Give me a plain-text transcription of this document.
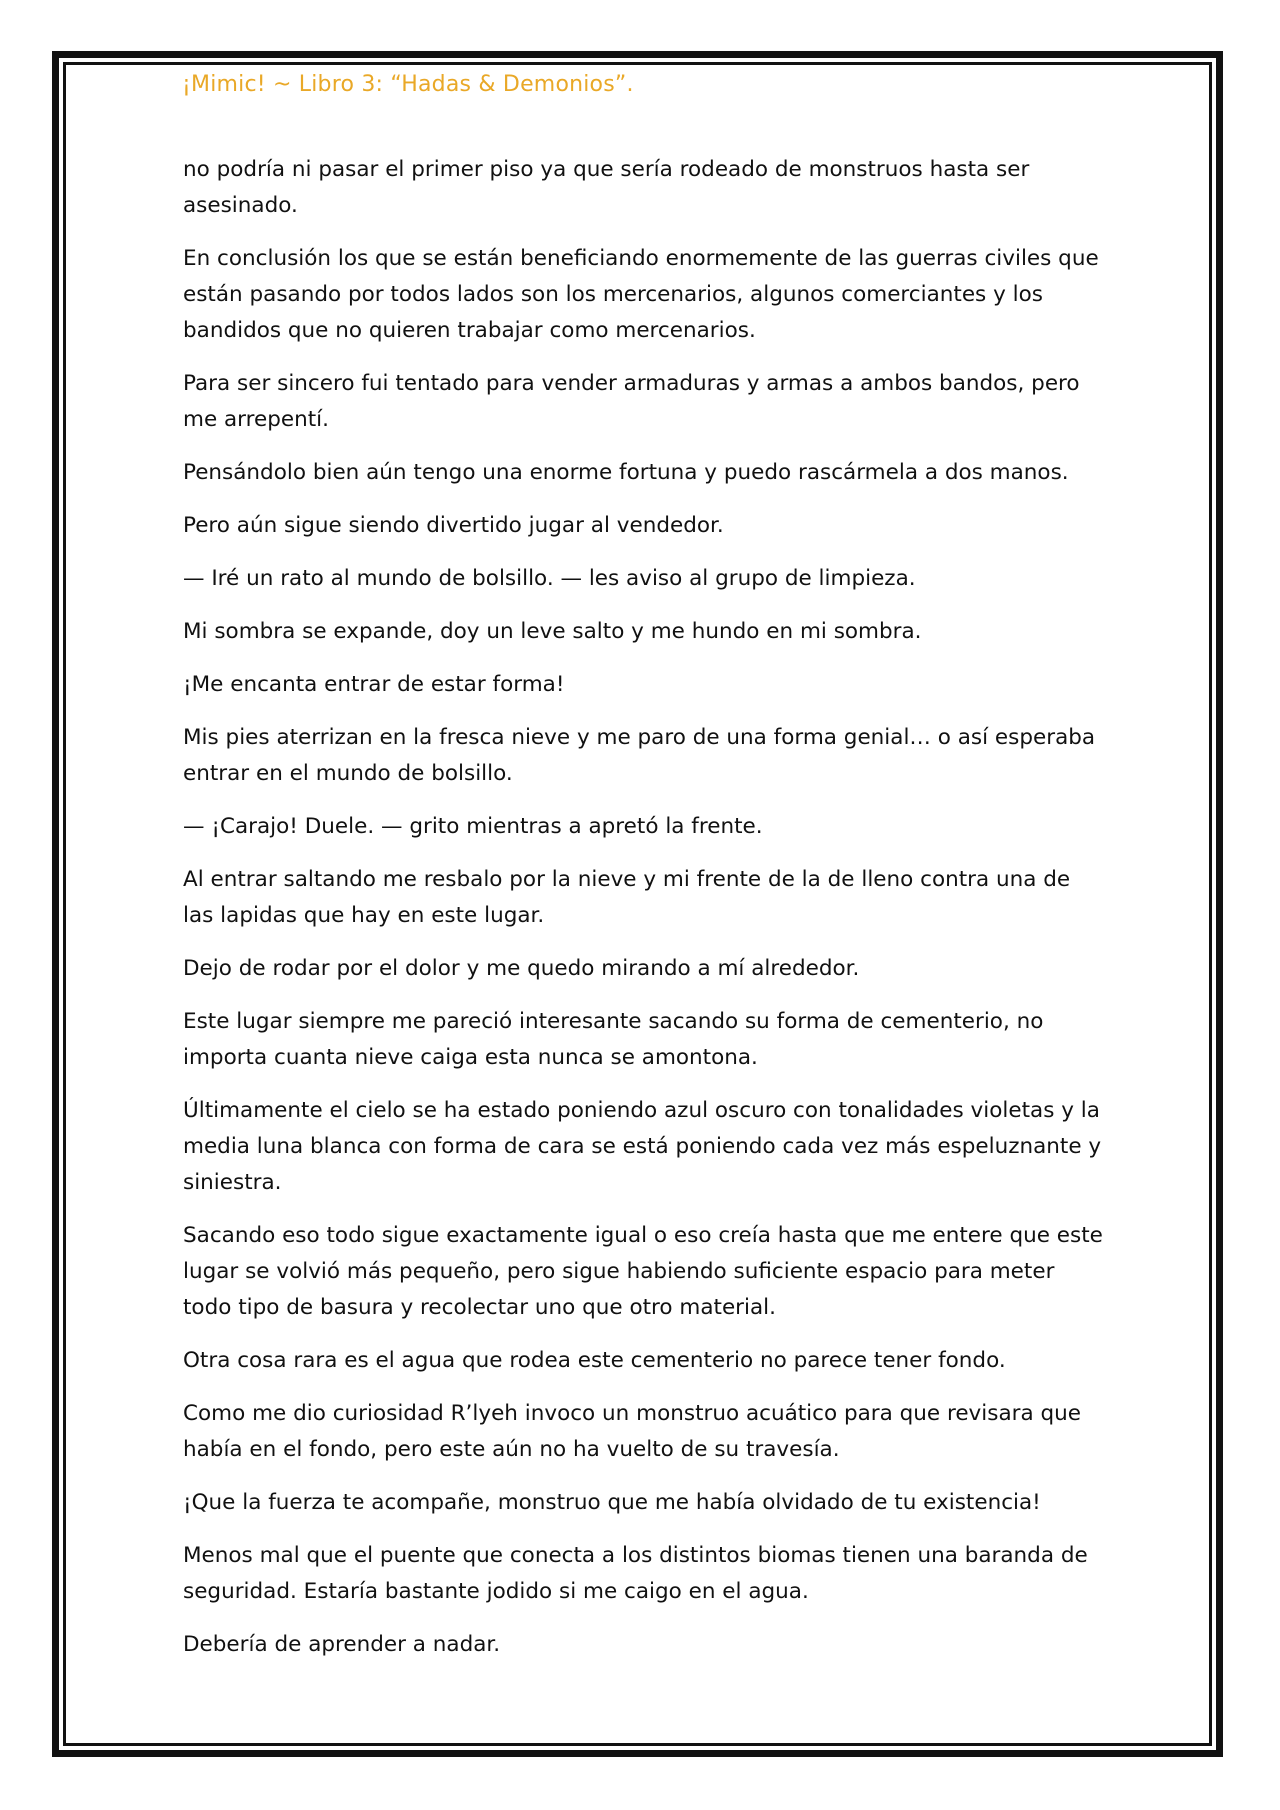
¡Mimic! ~ Libro 3: “Hadas & Demonios”.

no podría ni pasar el primer piso ya que sería rodeado de monstruos hasta ser asesinado.

En conclusión los que se están beneficiando enormemente de las guerras civiles que están pasando por todos lados son los mercenarios, algunos comerciantes y los bandidos que no quieren trabajar como mercenarios.

Para ser sincero fui tentado para vender armaduras y armas a ambos bandos, pero me arrepentí.

Pensándolo bien aún tengo una enorme fortuna y puedo rascármela a dos manos.

Pero aún sigue siendo divertido jugar al vendedor.

— Iré un rato al mundo de bolsillo. — les aviso al grupo de limpieza.

Mi sombra se expande, doy un leve salto y me hundo en mi sombra.

¡Me encanta entrar de estar forma!

Mis pies aterrizan en la fresca nieve y me paro de una forma genial… o así esperaba entrar en el mundo de bolsillo.

— ¡Carajo! Duele. — grito mientras a apretó la frente.

Al entrar saltando me resbalo por la nieve y mi frente de la de lleno contra una de las lapidas que hay en este lugar.

Dejo de rodar por el dolor y me quedo mirando a mí alrededor.

Este lugar siempre me pareció interesante sacando su forma de cementerio, no importa cuanta nieve caiga esta nunca se amontona.

Últimamente el cielo se ha estado poniendo azul oscuro con tonalidades violetas y la media luna blanca con forma de cara se está poniendo cada vez más espeluznante y siniestra.

Sacando eso todo sigue exactamente igual o eso creía hasta que me entere que este lugar se volvió más pequeño, pero sigue habiendo suficiente espacio para meter todo tipo de basura y recolectar uno que otro material.

Otra cosa rara es el agua que rodea este cementerio no parece tener fondo.

Como me dio curiosidad R’lyeh invoco un monstruo acuático para que revisara que había en el fondo, pero este aún no ha vuelto de su travesía.

¡Que la fuerza te acompañe, monstruo que me había olvidado de tu existencia!

Menos mal que el puente que conecta a los distintos biomas tienen una baranda de seguridad. Estaría bastante jodido si me caigo en el agua.

Debería de aprender a nadar.
